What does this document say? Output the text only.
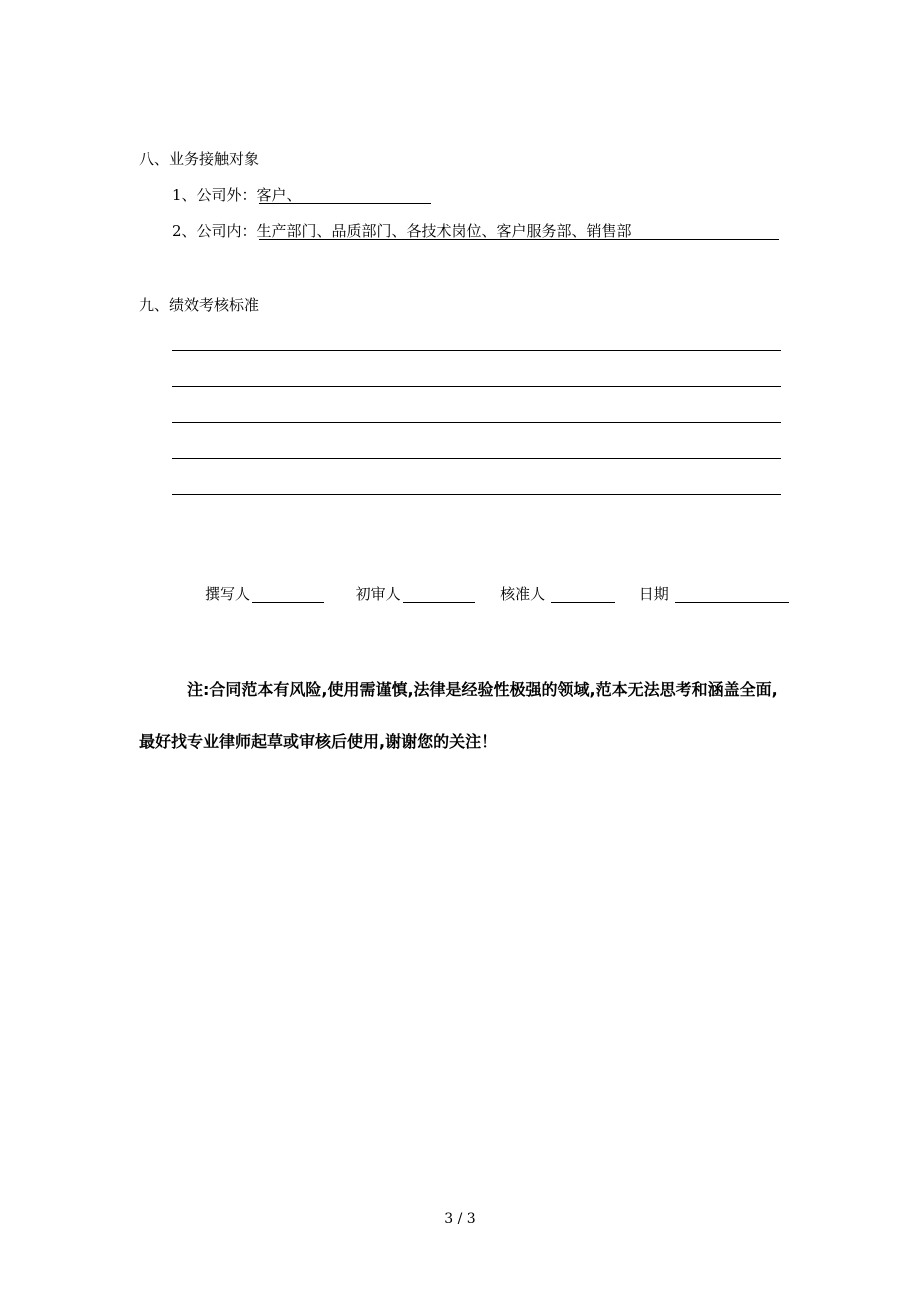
八、业务接触对象
1、公司外： 客户、
2、公司内： 生产部门、品质部门、各技术岗位、客户服务部、销售部
九、绩效考核标准
撰写人	初审人	核准人	日期
注:合同范本有风险,使用需谨慎,法律是经验性极强的领域,范本无法思考和涵盖全面,最好找专业律师起草或审核后使用,谢谢您的关注！
3 / 3
